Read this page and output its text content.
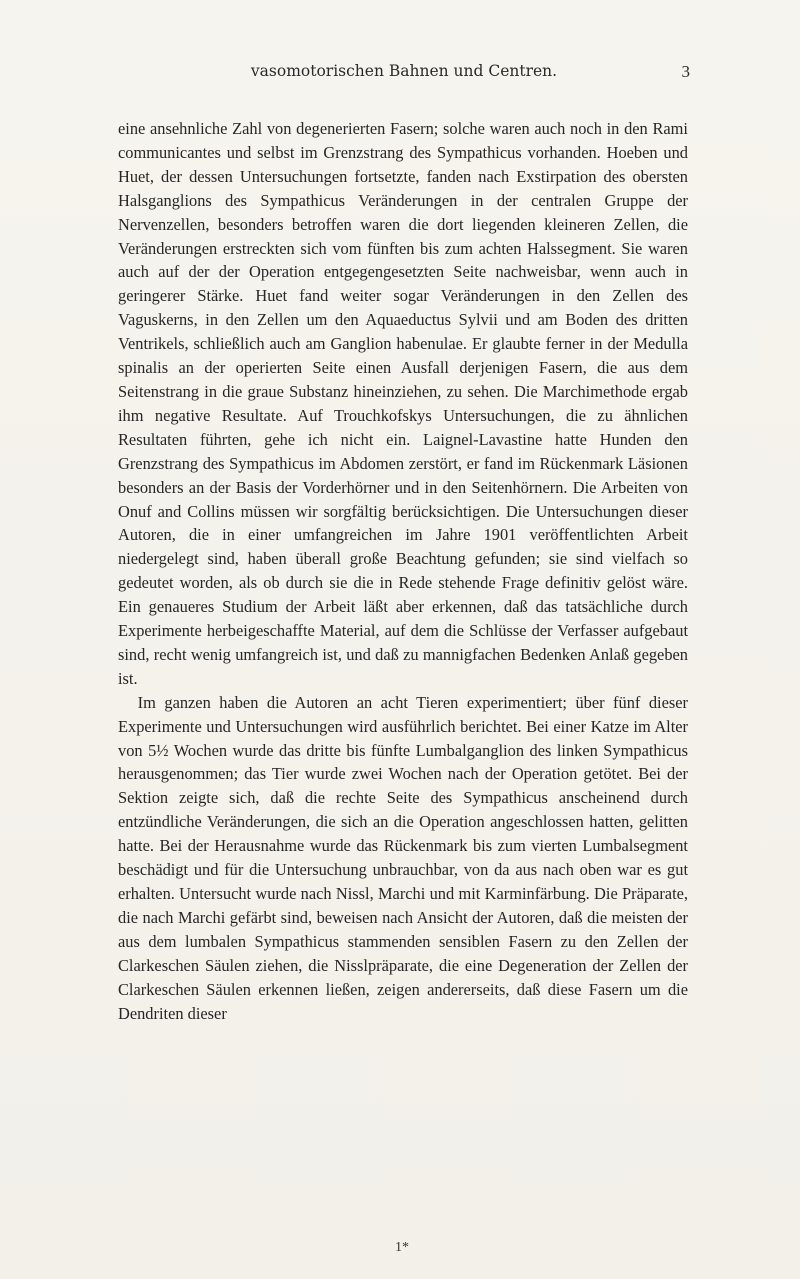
vasomotorischen Bahnen und Centren.	3

eine ansehnliche Zahl von degenerierten Fasern; solche waren auch noch in den Rami communicantes und selbst im Grenzstrang des Sympathicus vorhanden. Hoeben und Huet, der dessen Untersuchungen fortsetzte, fanden nach Exstirpation des obersten Halsganglions des Sympathicus Veränderungen in der centralen Gruppe der Nervenzellen, besonders betroffen waren die dort liegenden kleineren Zellen, die Veränderungen erstreckten sich vom fünften bis zum achten Halssegment. Sie waren auch auf der der Operation entgegengesetzten Seite nachweisbar, wenn auch in geringerer Stärke. Huet fand weiter sogar Veränderungen in den Zellen des Vaguskerns, in den Zellen um den Aquaeductus Sylvii und am Boden des dritten Ventrikels, schließlich auch am Ganglion habenulae. Er glaubte ferner in der Medulla spinalis an der operierten Seite einen Ausfall derjenigen Fasern, die aus dem Seitenstrang in die graue Substanz hineinziehen, zu sehen. Die Marchimethode ergab ihm negative Resultate. Auf Trouchkofskys Untersuchungen, die zu ähnlichen Resultaten führten, gehe ich nicht ein. Laignel-Lavastine hatte Hunden den Grenzstrang des Sympathicus im Abdomen zerstört, er fand im Rückenmark Läsionen besonders an der Basis der Vorderhörner und in den Seitenhörnern. Die Arbeiten von Onuf and Collins müssen wir sorgfältig berücksichtigen. Die Untersuchungen dieser Autoren, die in einer umfangreichen im Jahre 1901 veröffentlichten Arbeit niedergelegt sind, haben überall große Beachtung gefunden; sie sind vielfach so gedeutet worden, als ob durch sie die in Rede stehende Frage definitiv gelöst wäre. Ein genaueres Studium der Arbeit läßt aber erkennen, daß das tatsächliche durch Experimente herbeigeschaffte Material, auf dem die Schlüsse der Verfasser aufgebaut sind, recht wenig umfangreich ist, und daß zu mannigfachen Bedenken Anlaß gegeben ist.

Im ganzen haben die Autoren an acht Tieren experimentiert; über fünf dieser Experimente und Untersuchungen wird ausführlich berichtet. Bei einer Katze im Alter von 5½ Wochen wurde das dritte bis fünfte Lumbalganglion des linken Sympathicus herausgenommen; das Tier wurde zwei Wochen nach der Operation getötet. Bei der Sektion zeigte sich, daß die rechte Seite des Sympathicus anscheinend durch entzündliche Veränderungen, die sich an die Operation angeschlossen hatten, gelitten hatte. Bei der Herausnahme wurde das Rückenmark bis zum vierten Lumbalsegment beschädigt und für die Untersuchung unbrauchbar, von da aus nach oben war es gut erhalten. Untersucht wurde nach Nissl, Marchi und mit Karminfärbung. Die Präparate, die nach Marchi gefärbt sind, beweisen nach Ansicht der Autoren, daß die meisten der aus dem lumbalen Sympathicus stammenden sensiblen Fasern zu den Zellen der Clarkeschen Säulen ziehen, die Nisslpräparate, die eine Degeneration der Zellen der Clarkeschen Säulen erkennen ließen, zeigen andererseits, daß diese Fasern um die Dendriten dieser

1*
